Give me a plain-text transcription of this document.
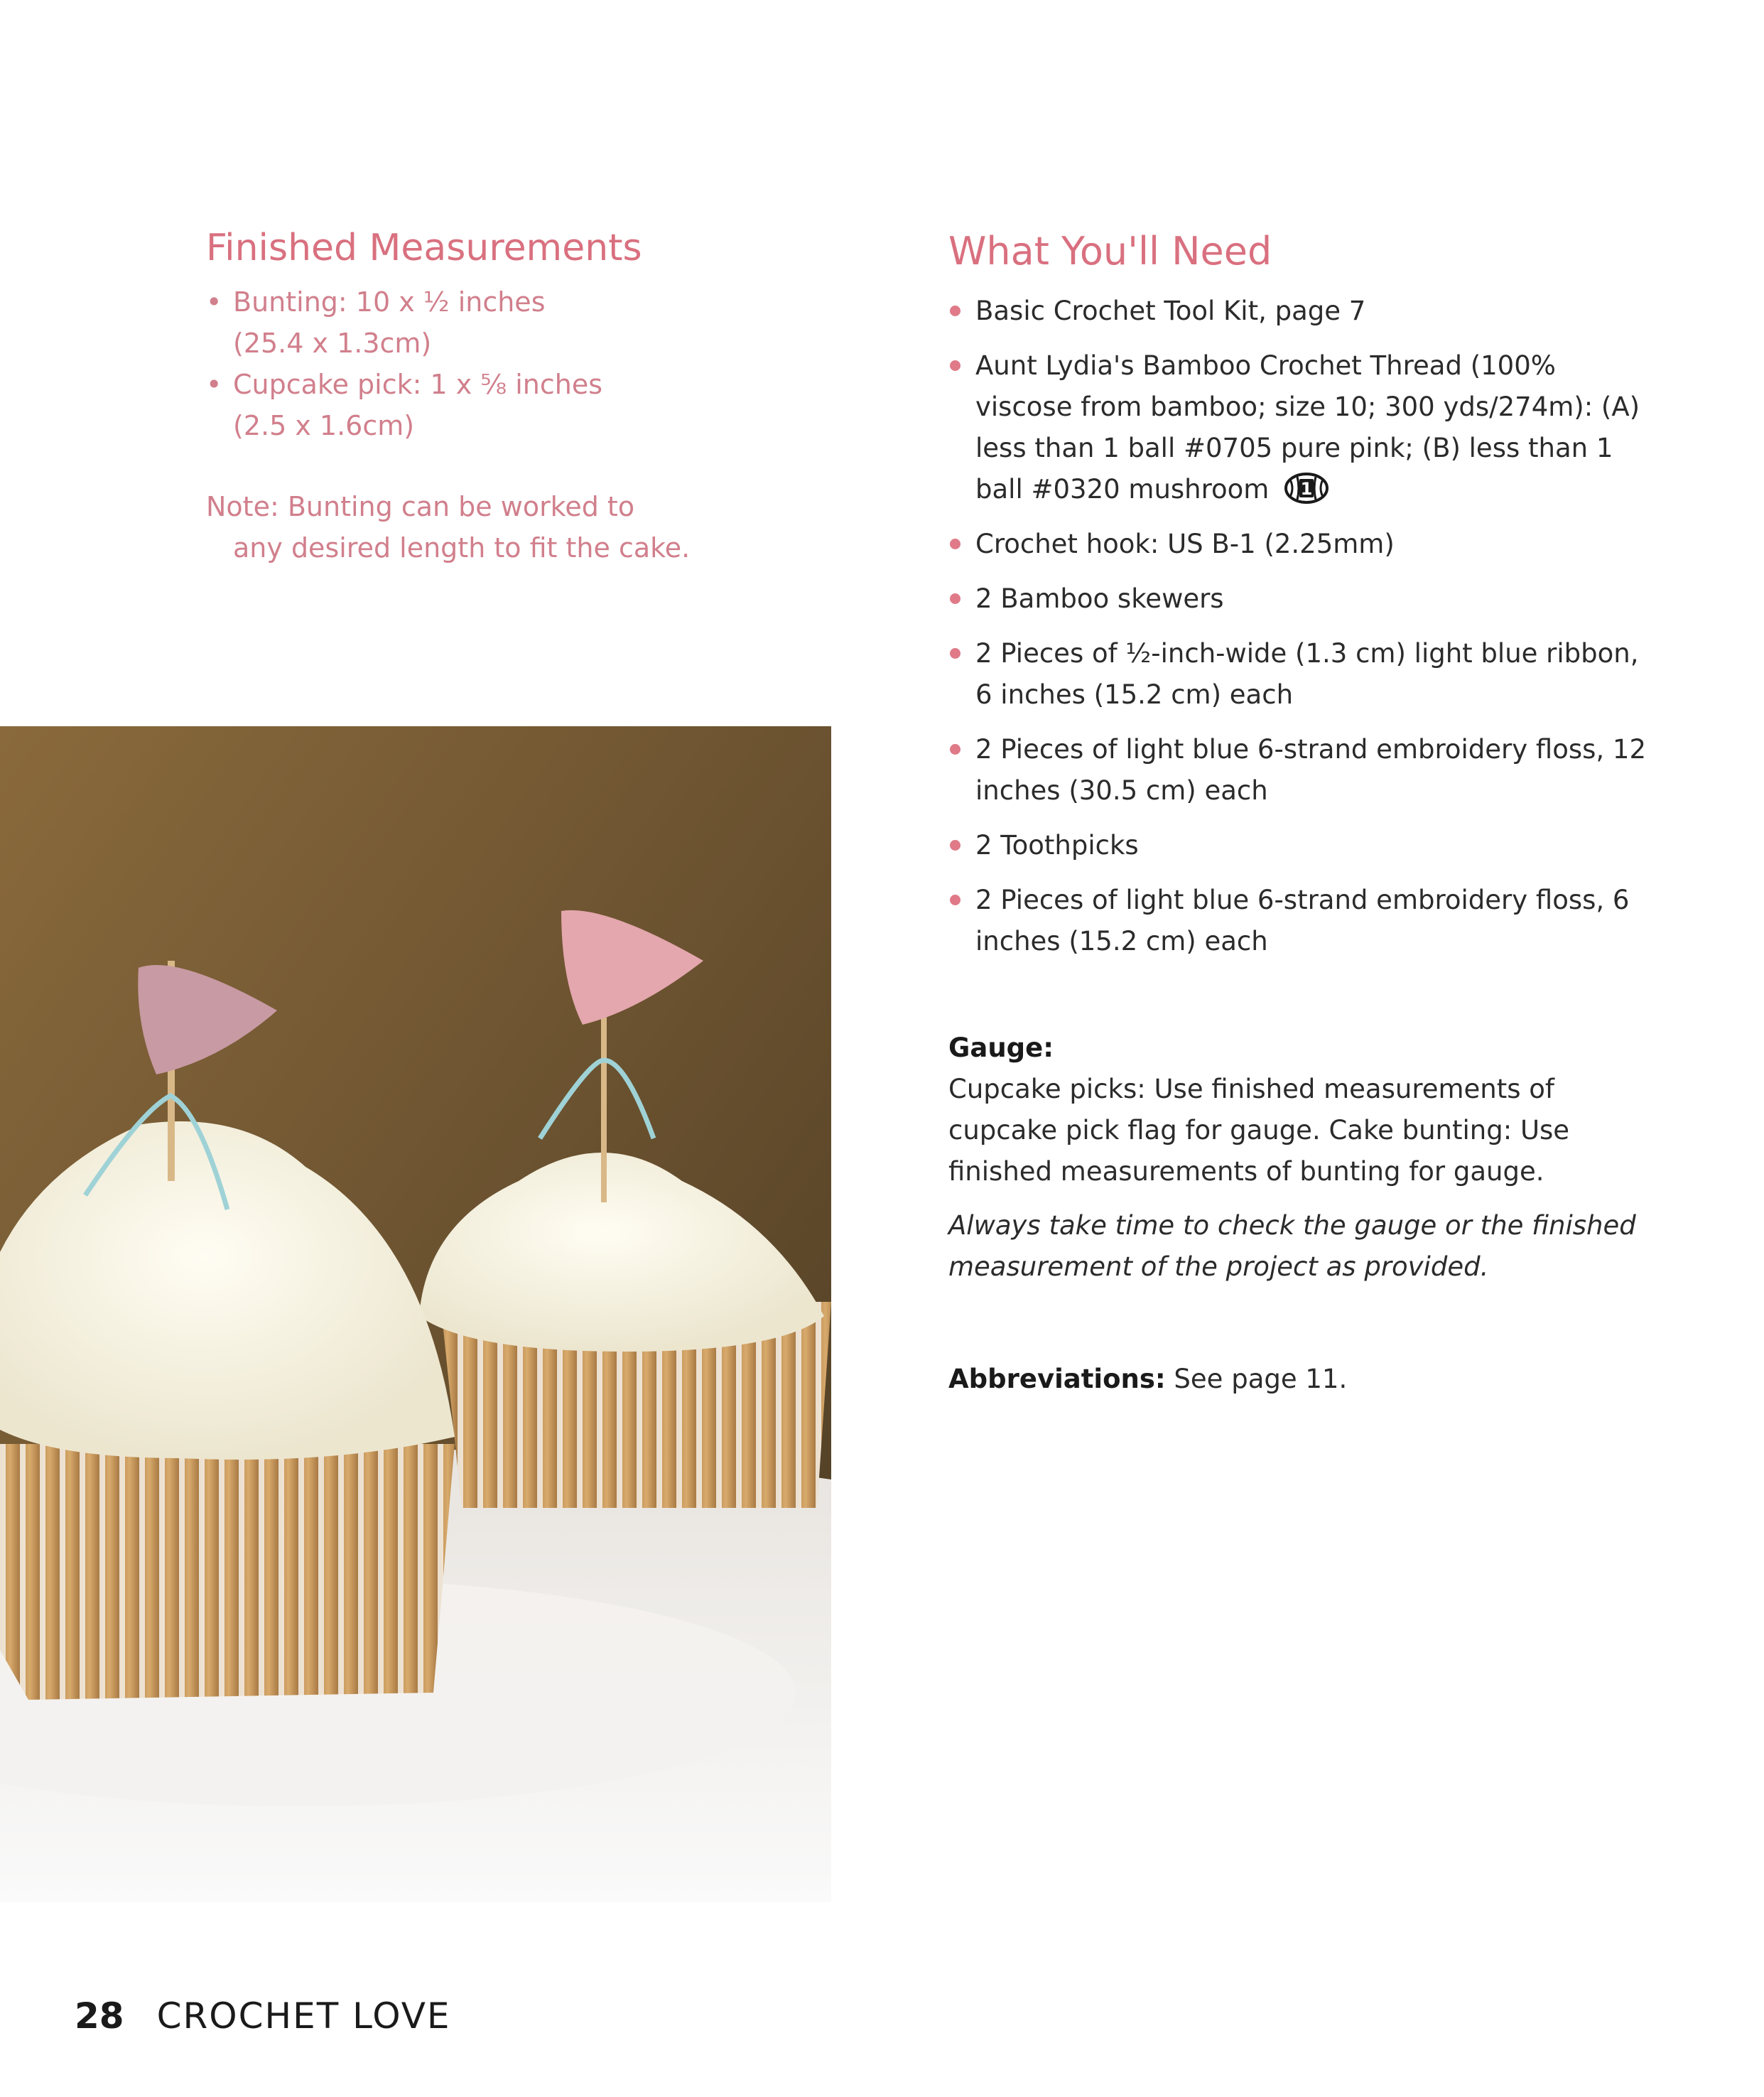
Finished Measurements
• Bunting: 10 x ½ inches
(25.4 x 1.3cm)
• Cupcake pick: 1 x ⅝ inches
(2.5 x 1.6cm)
Note: Bunting can be worked to
any desired length to fit the cake.
What You'll Need
Basic Crochet Tool Kit, page 7
Aunt Lydia's Bamboo Crochet Thread (100% viscose from bamboo; size 10; 300 yds/274m): (A) less than 1 ball #0705 pure pink; (B) less than 1 ball #0320 mushroom 1
Crochet hook: US B-1 (2.25mm)
2 Bamboo skewers
2 Pieces of ½-inch-wide (1.3 cm) light blue ribbon, 6 inches (15.2 cm) each
2 Pieces of light blue 6-strand embroidery floss, 12 inches (30.5 cm) each
2 Toothpicks
2 Pieces of light blue 6-strand embroidery floss, 6 inches (15.2 cm) each
Gauge:
Cupcake picks: Use finished measurements of cupcake pick flag for gauge. Cake bunting: Use finished measurements of bunting for gauge.
Always take time to check the gauge or the finished measurement of the project as provided.
Abbreviations: See page 11.
28 CROCHET LOVE
